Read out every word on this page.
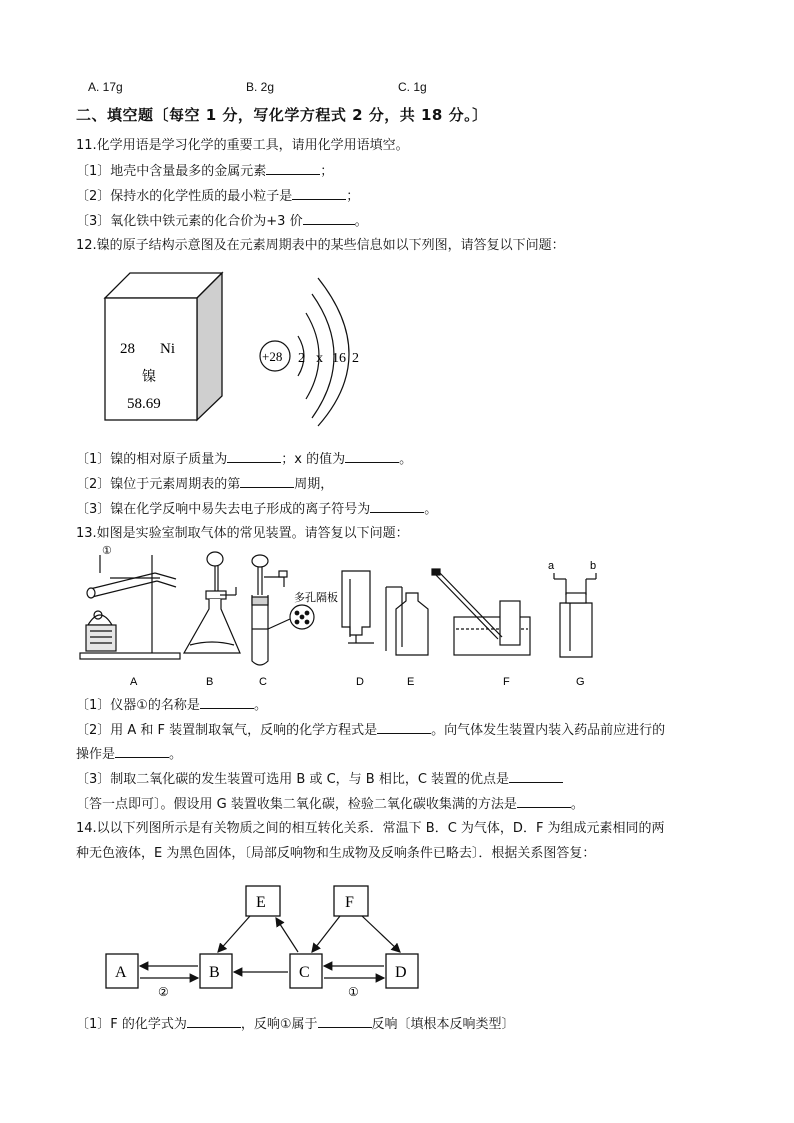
A. 17g	B. 2g	C. 1g
二、填空题〔每空 1 分，写化学方程式 2 分，共 18 分。〕
11.化学用语是学习化学的重要工具，请用化学用语填空。
〔1〕地壳中含量最多的金属元素	；
〔2〕保持水的化学性质的最小粒子是	；
〔3〕氧化铁中铁元素的化合价为+3 价	。
12.镍的原子结构示意图及在元素周期表中的某些信息如以下列图，请答复以下问题：
28 Ni
镍
58.69
+28 2 x 16 2
〔1〕镍的相对原子质量为	；x 的值为	。
〔2〕镍位于元素周期表的第	周期，
〔3〕镍在化学反响中易失去电子形成的离子符号为	。
13.如图是实验室制取气体的常见装置。请答复以下问题：
①
多孔隔板
a	b
A	B	C	D	E	F	G
〔1〕仪器①的名称是	。
〔2〕用 A 和 F 装置制取氧气，反响的化学方程式是	。向气体发生装置内装入药品前应进行的
操作是	。
〔3〕制取二氧化碳的发生装置可选用 B 或 C，与 B 相比，C 装置的优点是
〔答一点即可〕。假设用 G 装置收集二氧化碳，检验二氧化碳收集满的方法是	。
14.以以下列图所示是有关物质之间的相互转化关系．常温下 B．C 为气体，D．F 为组成元素相同的两
种无色液体，E 为黑色固体，〔局部反响物和生成物及反响条件已略去〕．根据关系图答复：
E	F
A	B	C	D
②	①
〔1〕F 的化学式为	，反响①属于	反响〔填根本反响类型〕
